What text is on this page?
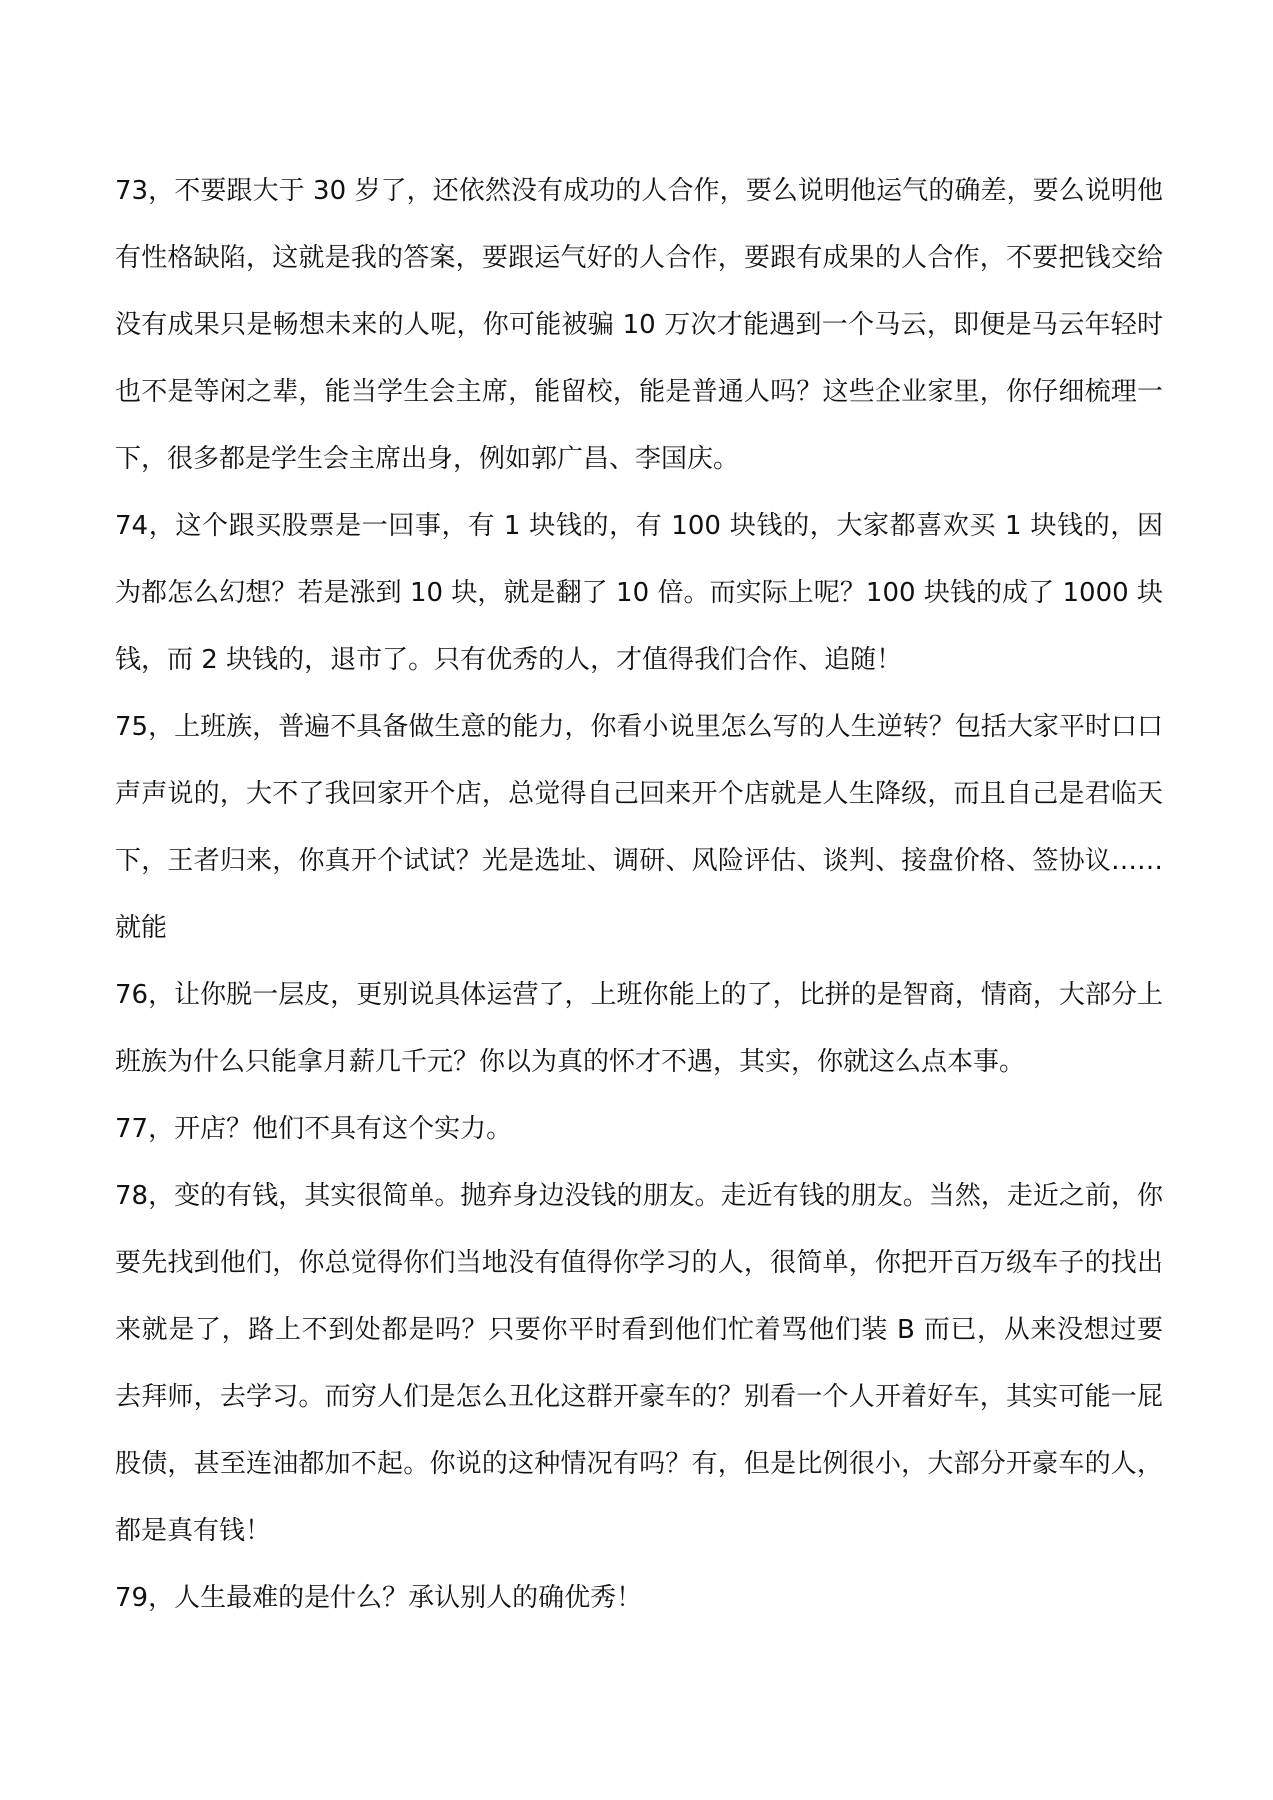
73，不要跟大于 30 岁了，还依然没有成功的人合作，要么说明他运气的确差，要么说明他有性格缺陷，这就是我的答案，要跟运气好的人合作，要跟有成果的人合作，不要把钱交给没有成果只是畅想未来的人呢，你可能被骗 10 万次才能遇到一个马云，即便是马云年轻时也不是等闲之辈，能当学生会主席，能留校，能是普通人吗？这些企业家里，你仔细梳理一下，很多都是学生会主席出身，例如郭广昌、李国庆。

74，这个跟买股票是一回事，有 1 块钱的，有 100 块钱的，大家都喜欢买 1 块钱的，因为都怎么幻想？若是涨到 10 块，就是翻了 10 倍。而实际上呢？100 块钱的成了 1000 块钱，而 2 块钱的，退市了。只有优秀的人，才值得我们合作、追随！

75，上班族，普遍不具备做生意的能力，你看小说里怎么写的人生逆转？包括大家平时口口声声说的，大不了我回家开个店，总觉得自己回来开个店就是人生降级，而且自己是君临天下，王者归来，你真开个试试？光是选址、调研、风险评估、谈判、接盘价格、签协议……就能

76，让你脱一层皮，更别说具体运营了，上班你能上的了，比拼的是智商，情商，大部分上班族为什么只能拿月薪几千元？你以为真的怀才不遇，其实，你就这么点本事。

77，开店？他们不具有这个实力。

78，变的有钱，其实很简单。抛弃身边没钱的朋友。走近有钱的朋友。当然，走近之前，你要先找到他们，你总觉得你们当地没有值得你学习的人，很简单，你把开百万级车子的找出来就是了，路上不到处都是吗？只要你平时看到他们忙着骂他们装 B 而已，从来没想过要去拜师，去学习。而穷人们是怎么丑化这群开豪车的？别看一个人开着好车，其实可能一屁股债，甚至连油都加不起。你说的这种情况有吗？有，但是比例很小，大部分开豪车的人，都是真有钱！

79，人生最难的是什么？承认别人的确优秀！
